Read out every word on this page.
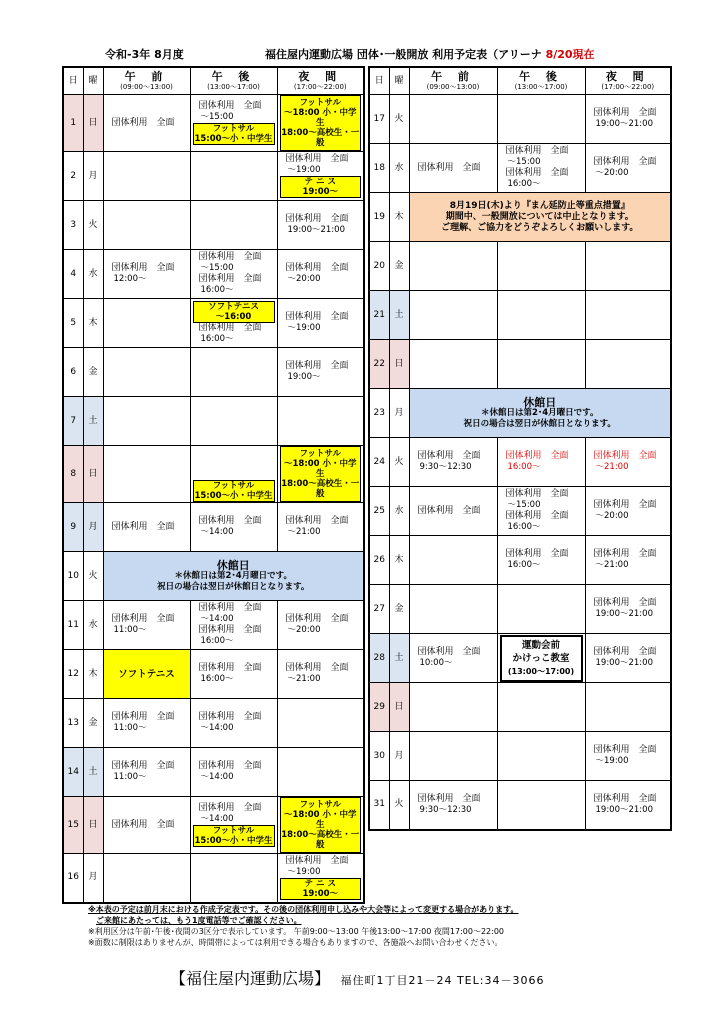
令和-3年 8月度	福住屋内運動広場 団体･一般開放 利用予定表（アリーナ 8/20現在
日	曜	午 前
(09:00～13:00)	午 後
(13:00～17:00)	夜 間
(17:00～22:00)

1	日	団体利用　全面	団体利用　全面
～15:00
フットサル
15:00～小・中学生	フットサル
～18:00 小・中学生
18:00～高校生・一般

2	月			団体利用　全面
～19:00
テ ニ ス
19:00～

3	火			団体利用　全面
19:00～21:00

4	水	団体利用　全面
12:00～	団体利用　全面
～15:00
団体利用　全面
16:00～	団体利用　全面
～20:00

5	木		ソフトテニス
～16:00
団体利用　全面
16:00～	団体利用　全面
～19:00

6	金			団体利用　全面
19:00～

7	土			
8	日		フットサル
15:00～小・中学生	フットサル
～18:00 小・中学生
18:00～高校生・一般

9	月	団体利用　全面	団体利用　全面
～14:00	団体利用　全面
～21:00

10	火	休館日
＊休館日は第2･4月曜日です。
祝日の場合は翌日が休館日となります。		

11	水	団体利用　全面
11:00～	団体利用　全面
～14:00
団体利用　全面
16:00～	団体利用　全面
～20:00

12	木	ソフトテニス	団体利用　全面
16:00～	団体利用　全面
～21:00

13	金	団体利用　全面
11:00～	団体利用　全面
～14:00	

14	土	団体利用　全面
11:00～	団体利用　全面
～14:00	

15	日	団体利用　全面	団体利用　全面
～14:00
フットサル
15:00～小・中学生	フットサル
～18:00 小・中学生
18:00～高校生・一般

16	月			団体利用　全面
～19:00
テ ニ ス
19:00～
日	曜	午 前
(09:00～13:00)	午 後
(13:00～17:00)	夜 間
(17:00～22:00)

17	火			団体利用　全面
19:00～21:00

18	水	団体利用　全面	団体利用　全面
～15:00
団体利用　全面
16:00～	団体利用　全面
～20:00

19	木	8月19日(木)より『まん延防止等重点措置』
期間中、一般開放については中止となります。
ご理解、ご協力をどうぞよろしくお願いします。		

20	金			
21	土			
22	日			
23	月	休館日
＊休館日は第2･4月曜日です。
祝日の場合は翌日が休館日となります。		

24	火	団体利用　全面
9:30～12:30	団体利用　全面
16:00～	団体利用　全面
～21:00

25	水	団体利用　全面	団体利用　全面
～15:00
団体利用　全面
16:00～	団体利用　全面
～20:00

26	木		団体利用　全面
16:00～	団体利用　全面
～21:00

27	金			団体利用　全面
19:00～21:00

28	土	団体利用　全面
10:00～	運動会前
かけっこ教室
(13:00～17:00)	団体利用　全面
19:00～21:00

29	日			
30	月			団体利用　全面
～19:00

31	火	団体利用　全面
9:30～12:30		団体利用　全面
19:00～21:00
※本表の予定は前月末における作成予定表です。その後の団体利用申し込みや大会等によって変更する場合があります。
ご来館にあたっては、もう1度電話等でご確認ください。
※利用区分は午前･午後･夜間の3区分で表示しています。 午前9:00～13:00 午後13:00～17:00 夜間17:00～22:00
※面数に制限はありませんが、時間帯によっては利用できる場合もありますので、各施設へお問い合わせください。
【福住屋内運動広場】 福住町1丁目21－24 TEL:34－3066
